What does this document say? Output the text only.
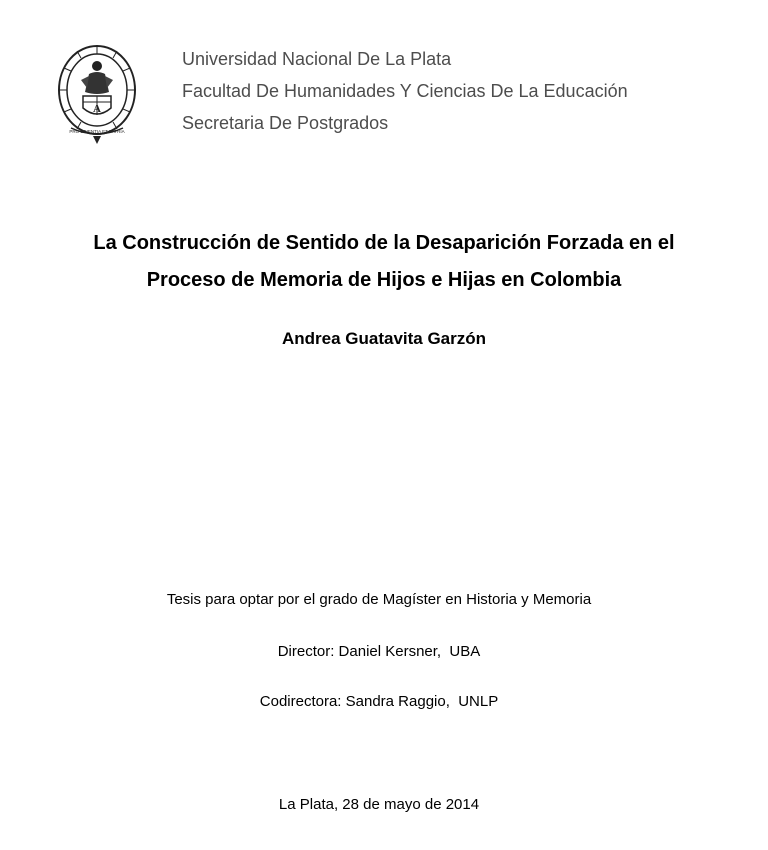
A
PRO SCIENTIA ET PATRIA
Universidad Nacional De La Plata
Facultad De Humanidades Y Ciencias De La Educación
Secretaria De Postgrados
La Construcción de Sentido de la Desaparición Forzada en el
Proceso de Memoria de Hijos e Hijas en Colombia
Andrea Guatavita Garzón
Tesis para optar por el grado de Magíster en Historia y Memoria
Director: Daniel Kersner,  UBA
Codirectora: Sandra Raggio,  UNLP
La Plata, 28 de mayo de 2014
